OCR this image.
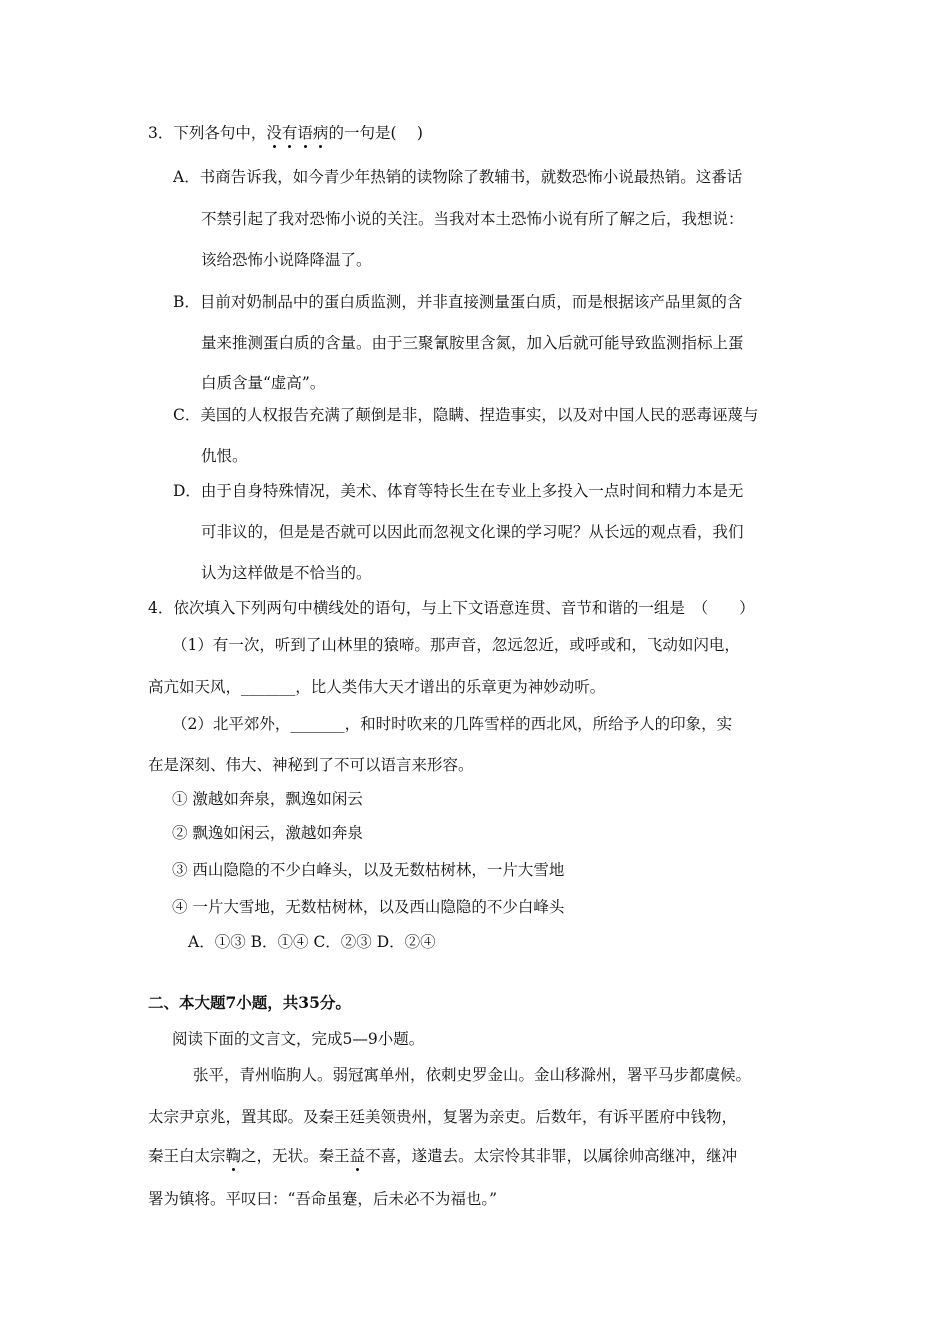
3．下列各句中，没有语病的一句是(　 )
A．书商告诉我，如今青少年热销的读物除了教辅书，就数恐怖小说最热销。这番话
不禁引起了我对恐怖小说的关注。当我对本土恐怖小说有所了解之后，我想说：
该给恐怖小说降降温了。
B．目前对奶制品中的蛋白质监测，并非直接测量蛋白质，而是根据该产品里氮的含
量来推测蛋白质的含量。由于三聚氰胺里含氮，加入后就可能导致监测指标上蛋
白质含量“虚高”。
C．美国的人权报告充满了颠倒是非，隐瞒、捏造事实，以及对中国人民的恶毒诬蔑与
仇恨。
D．由于自身特殊情况，美术、体育等特长生在专业上多投入一点时间和精力本是无
可非议的，但是是否就可以因此而忽视文化课的学习呢？从长远的观点看，我们
认为这样做是不恰当的。
4．依次填入下列两句中横线处的语句，与上下文语意连贯、音节和谐的一组是　（　　）
（1）有一次，听到了山林里的猿啼。那声音，忽远忽近，或呼或和，飞动如闪电，
高亢如天风，_______，比人类伟大天才谱出的乐章更为神妙动听。
（2）北平郊外，_______，和时时吹来的几阵雪样的西北风，所给予人的印象，实
在是深刻、伟大、神秘到了不可以语言来形容。
① 激越如奔泉，飘逸如闲云
② 飘逸如闲云，激越如奔泉
③ 西山隐隐的不少白峰头，以及无数枯树林，一片大雪地
④ 一片大雪地，无数枯树林，以及西山隐隐的不少白峰头
A．①③ B．①④ C．②③ D．②④
二、本大题7小题，共35分。
阅读下面的文言文，完成5—9小题。
张平，青州临朐人。弱冠寓单州，依刺史罗金山。金山移滁州，署平马步都虞候。
太宗尹京兆，置其邸。及秦王廷美领贵州，复署为亲吏。后数年，有诉平匿府中钱物，
秦王白太宗鞫之，无状。秦王益不喜，遂遣去。太宗怜其非罪，以属徐帅高继冲，继冲
署为镇将。平叹曰：“吾命虽蹇，后未必不为福也。”
